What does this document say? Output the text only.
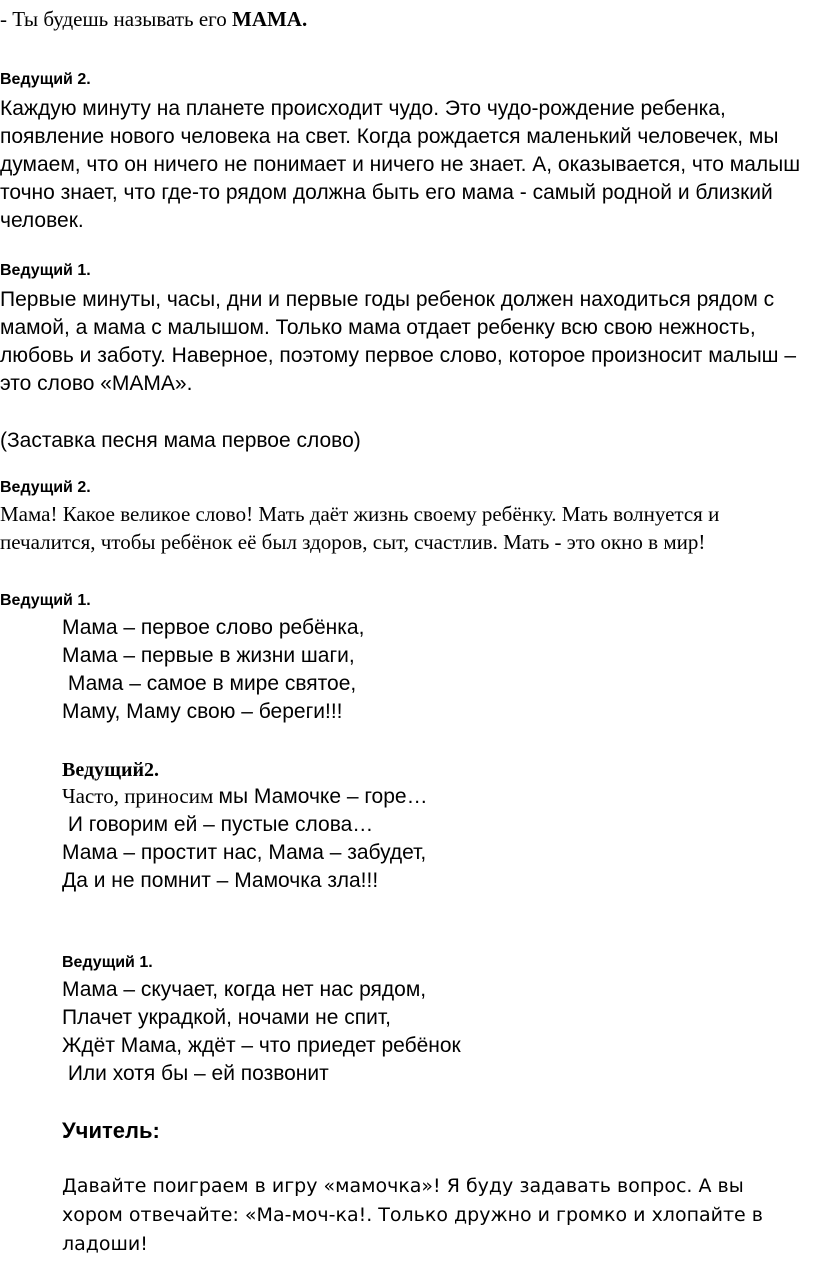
- Ты будешь называть его МАМА.

Ведущий 2.

Каждую минуту на планете происходит чудо. Это чудо-рождение ребенка, появление нового человека на свет. Когда рождается маленький человечек, мы думаем, что он ничего не понимает и ничего не знает. А, оказывается, что малыш точно знает, что где-то рядом должна быть его мама - самый родной и близкий человек.

Ведущий 1.

Первые минуты, часы, дни и первые годы ребенок должен находиться рядом с мамой, а мама с малышом. Только мама отдает ребенку всю свою нежность, любовь и заботу. Наверное, поэтому первое слово, которое произносит малыш – это слово «МАМА».

(Заставка песня мама первое слово)

Ведущий 2.

Мама! Какое великое слово! Мать даёт жизнь своему ребёнку. Мать волнуется и печалится, чтобы ребёнок её был здоров, сыт, счастлив. Мать - это окно в мир!

Ведущий 1.

Мама – первое слово ребёнка,
Мама – первые в жизни шаги,
Мама – самое в мире святое,
Маму, Маму свою – береги!!!

Ведущий2.

Часто, приносим мы Мамочке – горе…
И говорим ей – пустые слова…
Мама – простит нас, Мама – забудет,
Да и не помнит – Мамочка зла!!!

Ведущий 1.

Мама – скучает, когда нет нас рядом,
Плачет украдкой, ночами не спит,
Ждёт Мама, ждёт – что приедет ребёнок
Или хотя бы – ей позвонит

Учитель:

Давайте поиграем в игру «мамочка»! Я буду задавать вопрос. А вы хором отвечайте: «Ма-моч-ка!. Только дружно и громко и хлопайте в ладоши!
